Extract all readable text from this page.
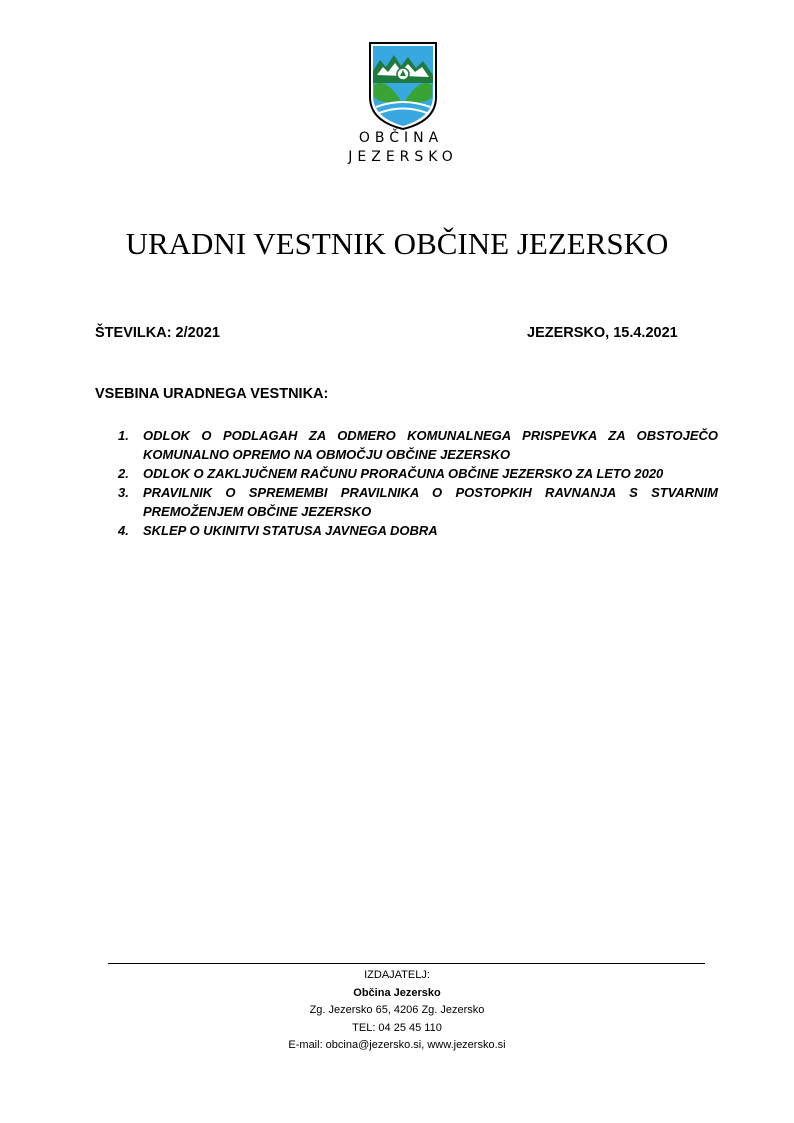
OBČINA
JEZERSKO
URADNI VESTNIK OBČINE JEZERSKO
ŠTEVILKA: 2/2021	JEZERSKO, 15.4.2021
VSEBINA URADNEGA VESTNIKA:
1. ODLOK O PODLAGAH ZA ODMERO KOMUNALNEGA PRISPEVKA ZA OBSTOJEČO KOMUNALNO OPREMO NA OBMOČJU OBČINE JEZERSKO
2. ODLOK O ZAKLJUČNEM RAČUNU PRORAČUNA OBČINE JEZERSKO ZA LETO 2020
3. PRAVILNIK O SPREMEMBI PRAVILNIKA O POSTOPKIH RAVNANJA S STVARNIM PREMOŽENJEM OBČINE JEZERSKO
4. SKLEP O UKINITVI STATUSA JAVNEGA DOBRA
IZDAJATELJ:
Občina Jezersko
Zg. Jezersko 65, 4206 Zg. Jezersko
TEL: 04 25 45 110
E-mail: obcina@jezersko.si, www.jezersko.si
